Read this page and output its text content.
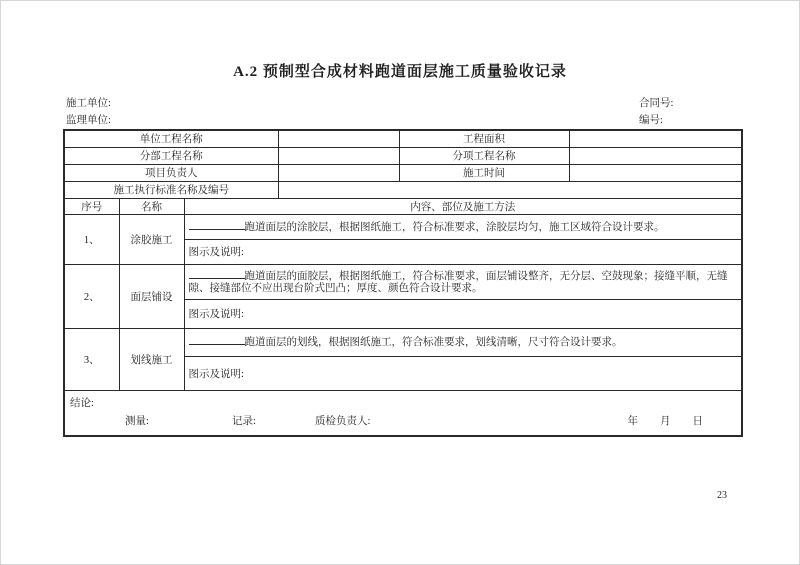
A.2 预制型合成材料跑道面层施工质量验收记录
施工单位:
监理单位:
合同号:
编号:
单位工程名称				工程面积	
分部工程名称				分项工程名称	
项目负责人				施工时间	
施工执行标准名称及编号					
序号	名称	内容、部位及施工方法			
1、	涂胶施工	跑道面层的涂胶层，根据图纸施工，符合标准要求，涂胶层均匀，施工区域符合设计要求。			
		图示及说明:			
2、	面层铺设	跑道面层的面胶层，根据图纸施工，符合标准要求，面层铺设整齐，无分层、空鼓现象；接缝平顺，无缝隙、接缝部位不应出现台阶式凹凸；厚度、颜色符合设计要求。			
		图示及说明:			
3、	划线施工	跑道面层的划线，根据图纸施工，符合标准要求，划线清晰，尺寸符合设计要求。			
		图示及说明:			

结论:
测量: 记录: 质检负责人: 年 月 日					
23
